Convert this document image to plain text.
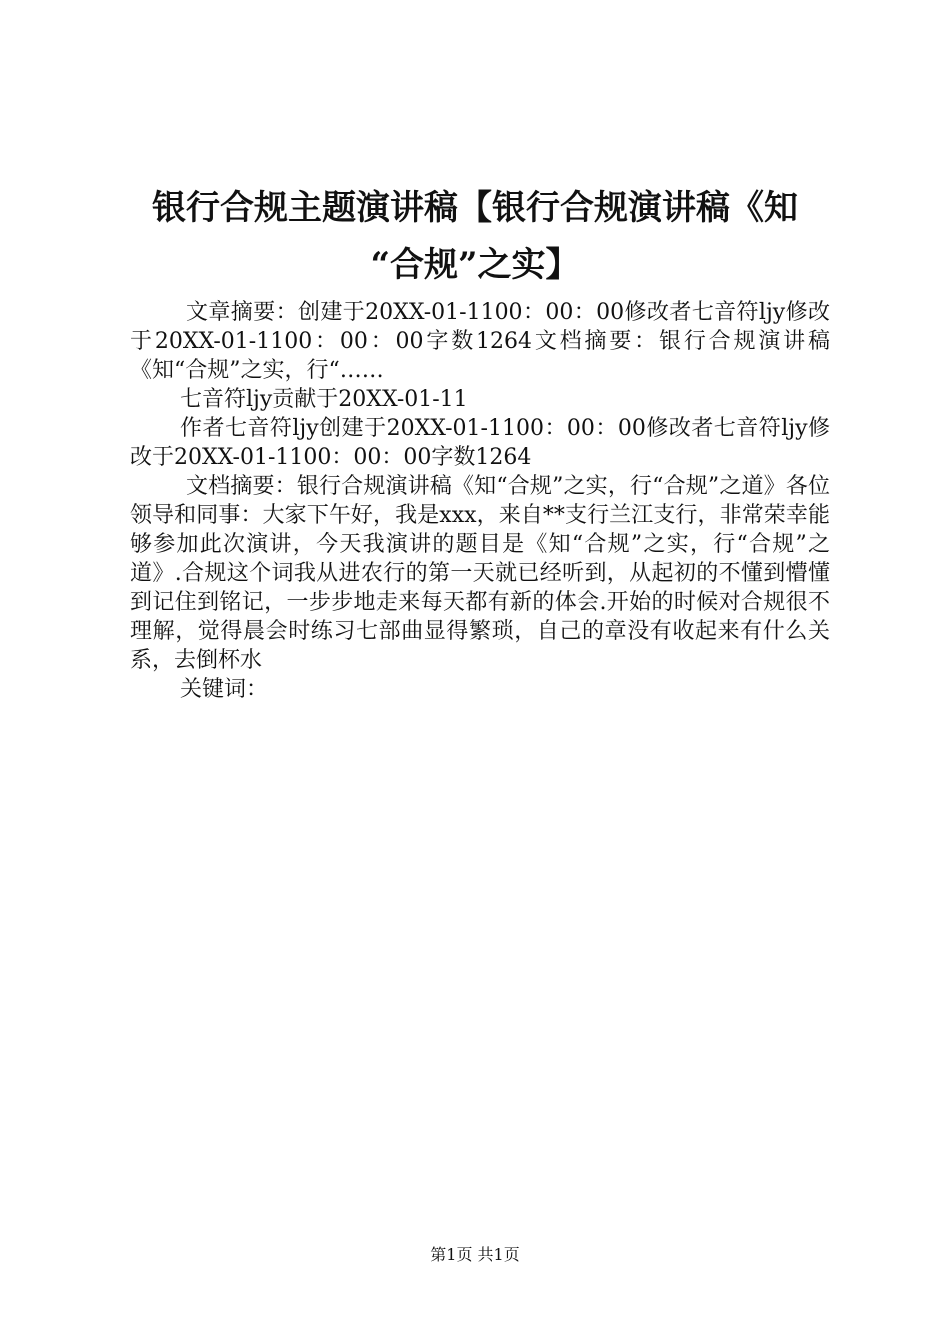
银行合规主题演讲稿【银行合规演讲稿《知
“合规”之实】

文章摘要：创建于20XX-01-1100：00：00修改者七音符ljy修改于20XX-01-1100：00：00字数1264文档摘要：银行合规演讲稿《知“合规”之实，行“……

七音符ljy贡献于20XX-01-11

作者七音符ljy创建于20XX-01-1100：00：00修改者七音符ljy修改于20XX-01-1100：00：00字数1264

文档摘要：银行合规演讲稿《知“合规”之实，行“合规”之道》各位领导和同事：大家下午好，我是xxx，来自**支行兰江支行，非常荣幸能够参加此次演讲，今天我演讲的题目是《知“合规”之实，行“合规”之道》.合规这个词我从进农行的第一天就已经听到，从起初的不懂到懵懂到记住到铭记，一步步地走来每天都有新的体会.开始的时候对合规很不理解，觉得晨会时练习七部曲显得繁琐，自己的章没有收起来有什么关系，去倒杯水

关键词：

第1页 共1页
